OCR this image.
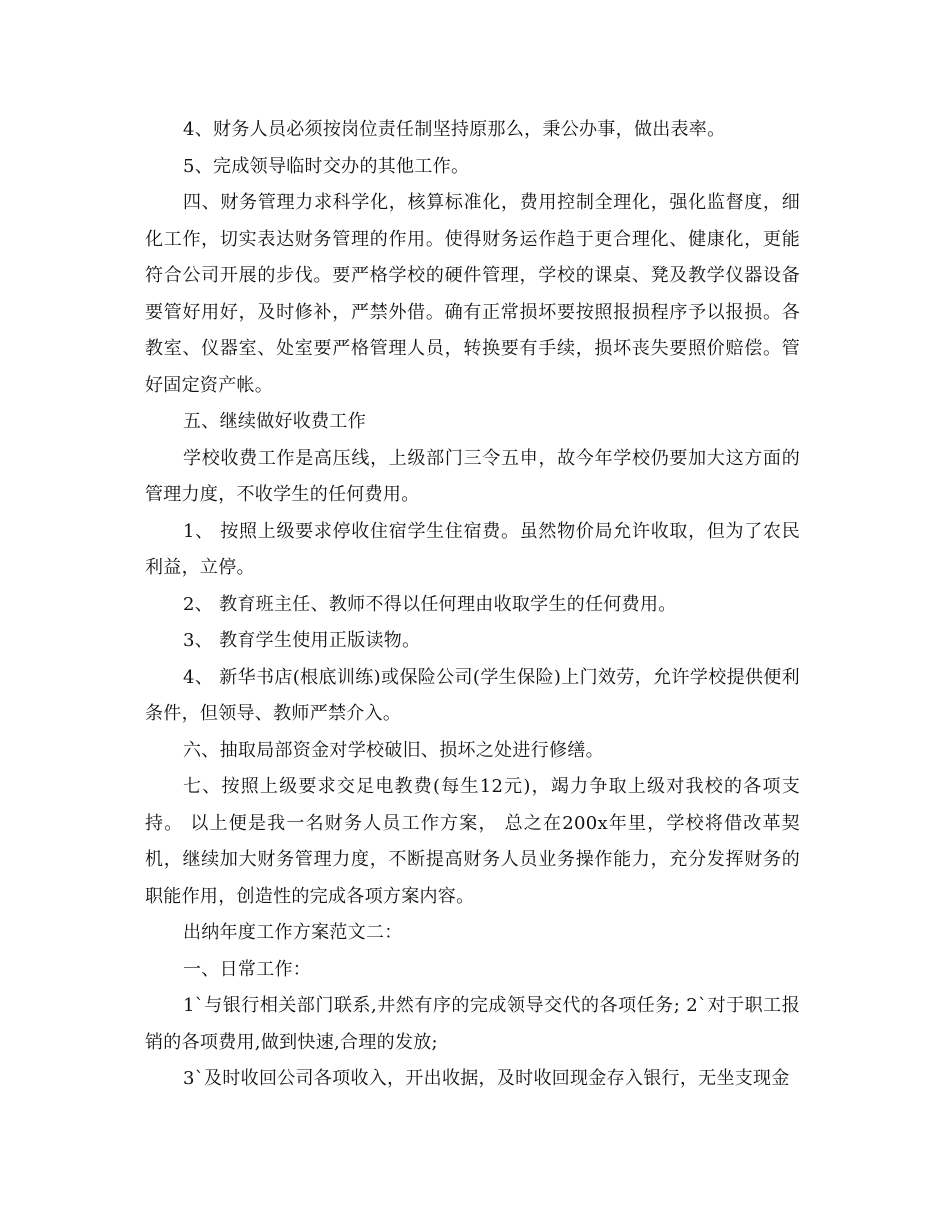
4、财务人员必须按岗位责任制坚持原那么，秉公办事，做出表率。

5、完成领导临时交办的其他工作。

四、财务管理力求科学化，核算标准化，费用控制全理化，强化监督度，细化工作，切实表达财务管理的作用。使得财务运作趋于更合理化、健康化，更能符合公司开展的步伐。要严格学校的硬件管理，学校的课桌、凳及教学仪器设备要管好用好，及时修补，严禁外借。确有正常损坏要按照报损程序予以报损。各教室、仪器室、处室要严格管理人员，转换要有手续，损坏丧失要照价赔偿。管好固定资产帐。

五、继续做好收费工作

学校收费工作是高压线，上级部门三令五申，故今年学校仍要加大这方面的管理力度，不收学生的任何费用。

1、 按照上级要求停收住宿学生住宿费。虽然物价局允许收取，但为了农民利益，立停。

2、 教育班主任、教师不得以任何理由收取学生的任何费用。

3、 教育学生使用正版读物。

4、 新华书店(根底训练)或保险公司(学生保险)上门效劳，允许学校提供便利条件，但领导、教师严禁介入。

六、抽取局部资金对学校破旧、损坏之处进行修缮。

七、按照上级要求交足电教费(每生12元)，竭力争取上级对我校的各项支持。 以上便是我一名财务人员工作方案， 总之在200x年里，学校将借改革契机，继续加大财务管理力度，不断提高财务人员业务操作能力，充分发挥财务的职能作用，创造性的完成各项方案内容。

出纳年度工作方案范文二：

一、日常工作：

1`与银行相关部门联系,井然有序的完成领导交代的各项任务; 2`对于职工报销的各项费用,做到快速,合理的发放;

3`及时收回公司各项收入，开出收据，及时收回现金存入银行，无坐支现金
